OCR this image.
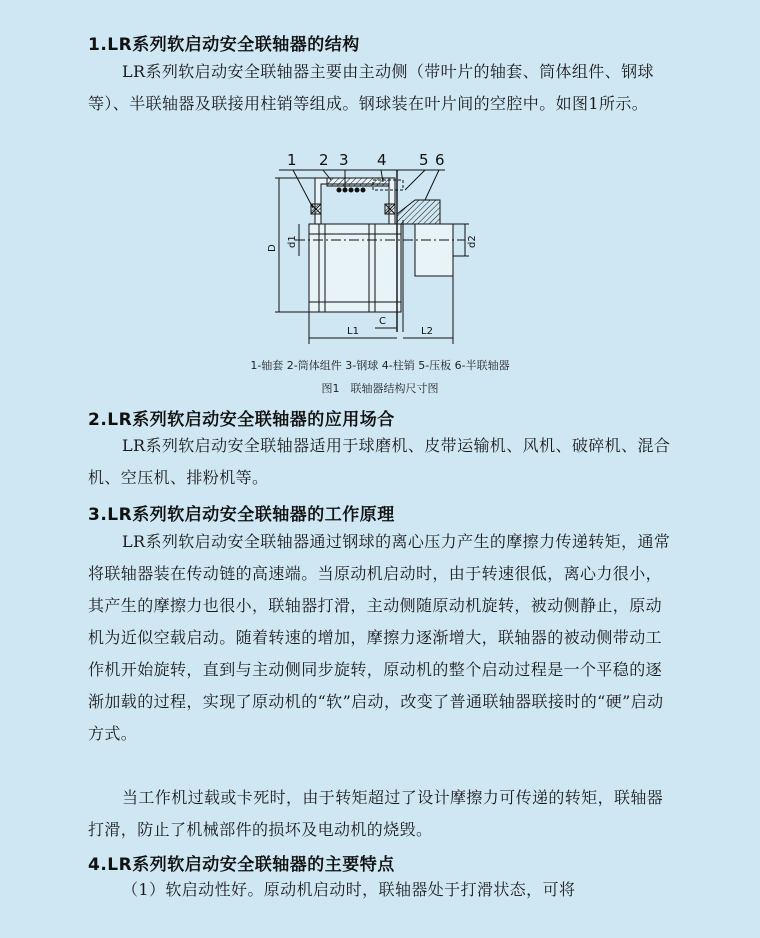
1.LR系列软启动安全联轴器的结构

LR系列软启动安全联轴器主要由主动侧（带叶片的轴套、筒体组件、钢球等）、半联轴器及联接用柱销等组成。钢球装在叶片间的空腔中。如图1所示。

1 2 3 4 5 6
D
d1	d2
C
L1	L2
1-轴套 2-筒体组件 3-钢球 4-柱销 5-压板 6-半联轴器
图1　联轴器结构尺寸图
2.LR系列软启动安全联轴器的应用场合

LR系列软启动安全联轴器适用于球磨机、皮带运输机、风机、破碎机、混合机、空压机、排粉机等。

3.LR系列软启动安全联轴器的工作原理

LR系列软启动安全联轴器通过钢球的离心压力产生的摩擦力传递转矩，通常将联轴器装在传动链的高速端。当原动机启动时，由于转速很低，离心力很小，其产生的摩擦力也很小，联轴器打滑，主动侧随原动机旋转，被动侧静止，原动机为近似空载启动。随着转速的增加，摩擦力逐渐增大，联轴器的被动侧带动工作机开始旋转，直到与主动侧同步旋转，原动机的整个启动过程是一个平稳的逐渐加载的过程，实现了原动机的“软”启动，改变了普通联轴器联接时的“硬”启动方式。

当工作机过载或卡死时，由于转矩超过了设计摩擦力可传递的转矩，联轴器打滑，防止了机械部件的损坏及电动机的烧毁。

4.LR系列软启动安全联轴器的主要特点

（1）软启动性好。原动机启动时，联轴器处于打滑状态，可将
